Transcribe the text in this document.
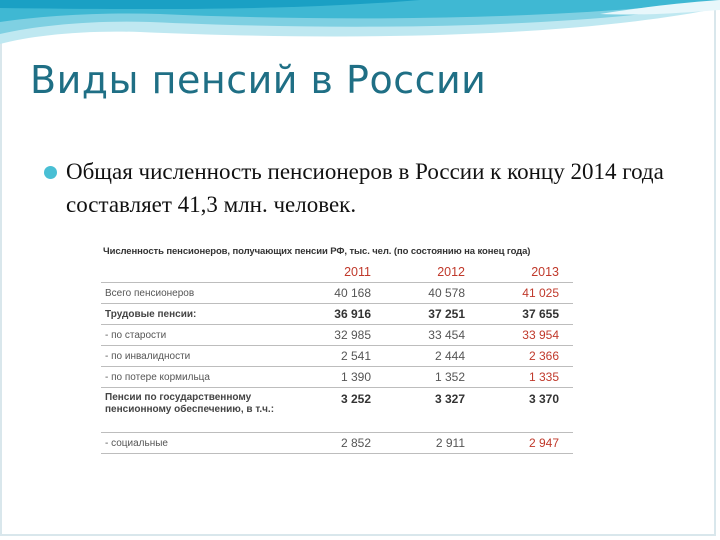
Виды пенсий в России

Общая численность пенсионеров в России к концу 2014 года составляет 41,3 млн. человек.

Численность пенсионеров, получающих пенсии РФ, тыс. чел. (по состоянию на конец года)
	2011	2012	2013
Всего пенсионеров	40 168	40 578	41 025
Трудовые пенсии:	36 916	37 251	37 655
- по старости	32 985	33 454	33 954
- по инвалидности	2 541	2 444	2 366
- по потере кормильца	1 390	1 352	1 335
Пенсии по государственному пенсионному обеспечению, в т.ч.:	3 252	3 327	3 370
- социальные	2 852	2 911	2 947
